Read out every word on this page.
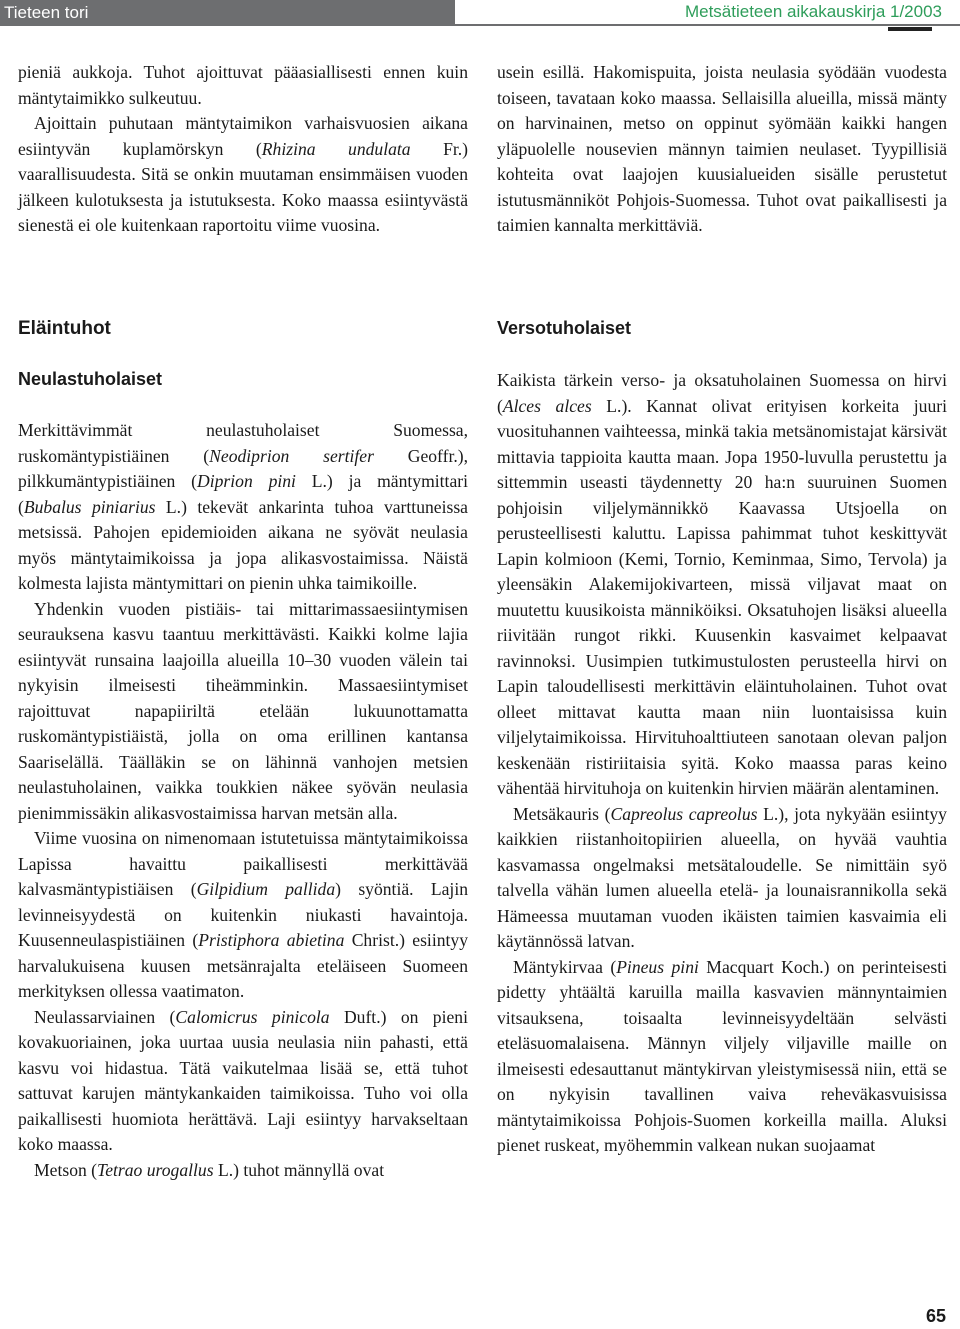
Tieteen tori	Metsätieteen aikakauskirja 1/2003

pieniä aukkoja. Tuhot ajoittuvat pääasiallisesti ennen kuin mäntytaimikko sulkeutuu.

Ajoittain puhutaan mäntytaimikon varhaisvuosien aikana esiintyvän kuplamörskyn (Rhizina undulata Fr.) vaarallisuudesta. Sitä se onkin muutaman ensimmäisen vuoden jälkeen kulotuksesta ja istutuksesta. Koko maassa esiintyvästä sienestä ei ole kuitenkaan raportoitu viime vuosina.

usein esillä. Hakomispuita, joista neulasia syödään vuodesta toiseen, tavataan koko maassa. Sellaisilla alueilla, missä mänty on harvinainen, metso on oppinut syömään kaikki hangen yläpuolelle nousevien männyn taimien neulaset. Tyypillisiä kohteita ovat laajojen kuusialueiden sisälle perustetut istutusmänniköt Pohjois-Suomessa. Tuhot ovat paikallisesti ja taimien kannalta merkittäviä.

Eläintuhot
Neulastuholaiset
Versotuholaiset

Merkittävimmät neulastuholaiset Suomessa, ruskomäntypistiäinen (Neodiprion sertifer Geoffr.), pilkkumäntypistiäinen (Diprion pini L.) ja mäntymittari (Bubalus piniarius L.) tekevät ankarinta tuhoa varttuneissa metsissä. Pahojen epidemioiden aikana ne syövät neulasia myös mäntytaimikoissa ja jopa alikasvostaimissa. Näistä kolmesta lajista mäntymittari on pienin uhka taimikoille.

Yhdenkin vuoden pistiäis- tai mittarimassaesiintymisen seurauksena kasvu taantuu merkittävästi. Kaikki kolme lajia esiintyvät runsaina laajoilla alueilla 10–30 vuoden välein tai nykyisin ilmeisesti tiheämminkin. Massaesiintymiset rajoittuvat napapiiriltä etelään lukuunottamatta ruskomäntypistiäistä, jolla on oma erillinen kantansa Saariselällä. Täälläkin se on lähinnä vanhojen metsien neulastuholainen, vaikka toukkien näkee syövän neulasia pienimmissäkin alikasvostaimissa harvan metsän alla.

Viime vuosina on nimenomaan istutetuissa mäntytaimikoissa Lapissa havaittu paikallisesti merkittävää kalvasmäntypistiäisen (Gilpidium pallida) syöntiä. Lajin levinneisyydestä on kuitenkin niukasti havaintoja. Kuusenneulaspistiäinen (Pristiphora abietina Christ.) esiintyy harvalukuisena kuusen metsänrajalta eteläiseen Suomeen merkityksen ollessa vaatimaton.

Neulassarviainen (Calomicrus pinicola Duft.) on pieni kovakuoriainen, joka uurtaa uusia neulasia niin pahasti, että kasvu voi hidastua. Tätä vaikutelmaa lisää se, että tuhot sattuvat karujen mäntykankaiden taimikoissa. Tuho voi olla paikallisesti huomiota herättävä. Laji esiintyy harvakseltaan koko maassa.

Metson (Tetrao urogallus L.) tuhot männyllä ovat

Kaikista tärkein verso- ja oksatuholainen Suomessa on hirvi (Alces alces L.). Kannat olivat erityisen korkeita juuri vuosituhannen vaihteessa, minkä takia metsänomistajat kärsivät mittavia tappioita kautta maan. Jopa 1950-luvulla perustettu ja sittemmin useasti täydennetty 20 ha:n suuruinen Suomen pohjoisin viljelymännikkö Kaavassa Utsjoella on perusteellisesti kaluttu. Lapissa pahimmat tuhot keskittyvät Lapin kolmioon (Kemi, Tornio, Keminmaa, Simo, Tervola) ja yleensäkin Alakemijokivarteen, missä viljavat maat on muutettu kuusikoista männiköiksi. Oksatuhojen lisäksi alueella riivitään rungot rikki. Kuusenkin kasvaimet kelpaavat ravinnoksi. Uusimpien tutkimustulosten perusteella hirvi on Lapin taloudellisesti merkittävin eläintuholainen. Tuhot ovat olleet mittavat kautta maan niin luontaisissa kuin viljelytaimikoissa. Hirvituhoalttiuteen sanotaan olevan paljon keskenään ristiriitaisia syitä. Koko maassa paras keino vähentää hirvituhoja on kuitenkin hirvien määrän alentaminen.

Metsäkauris (Capreolus capreolus L.), jota nykyään esiintyy kaikkien riistanhoitopiirien alueella, on hyvää vauhtia kasvamassa ongelmaksi metsätaloudelle. Se nimittäin syö talvella vähän lumen alueella etelä- ja lounaisrannikolla sekä Hämeessa muutaman vuoden ikäisten taimien kasvaimia eli käytännössä latvan.

Mäntykirvaa (Pineus pini Macquart Koch.) on perinteisesti pidetty yhtäältä karuilla mailla kasvavien männyntaimien vitsauksena, toisaalta levinneisyydeltään selvästi eteläsuomalaisena. Männyn viljely viljaville maille on ilmeisesti edesauttanut mäntykirvan yleistymisessä niin, että se on nykyisin tavallinen vaiva reheväkasvuisissa mäntytaimikoissa Pohjois-Suomen korkeilla mailla. Aluksi pienet ruskeat, myöhemmin valkean nukan suojaamat

65
